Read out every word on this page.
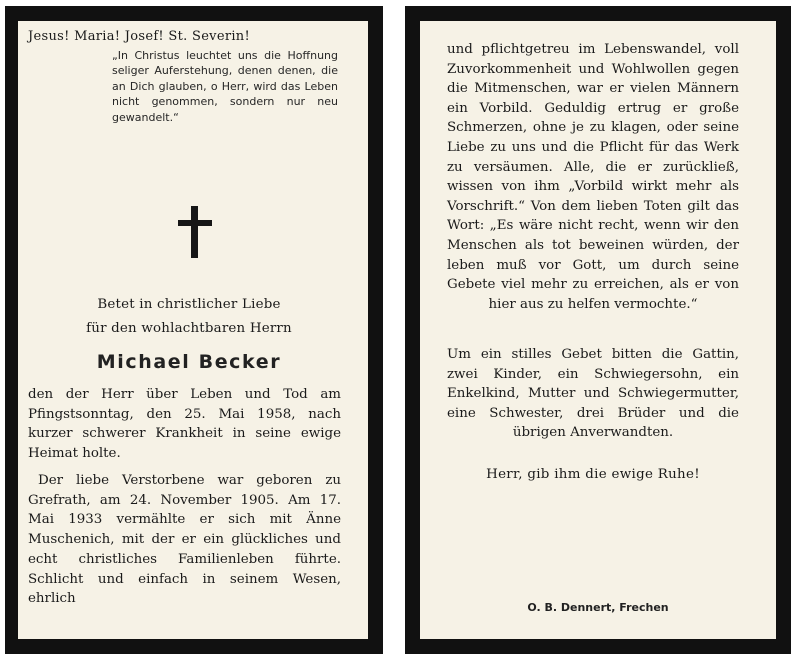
Jesus! Maria! Josef! St. Severin!
„In Christus leuchtet uns die Hoffnung seliger Auferstehung, denen denen, die an Dich glauben, o Herr, wird das Leben nicht genommen, sondern nur neu gewandelt.“
Betet in christlicher Liebe
für den wohlachtbaren Herrn
Michael Becker
den der Herr über Leben und Tod am Pfingstsonntag, den 25. Mai 1958, nach kurzer schwerer Krankheit in seine ewige Heimat holte.
Der liebe Verstorbene war geboren zu Grefrath, am 24. November 1905. Am 17. Mai 1933 vermählte er sich mit Änne Muschenich, mit der er ein glückliches und echt christliches Familienleben führte. Schlicht und einfach in seinem Wesen, ehrlich
und pflichtgetreu im Lebenswandel, voll Zuvorkommenheit und Wohlwollen gegen die Mitmenschen, war er vielen Männern ein Vorbild. Geduldig ertrug er große Schmerzen, ohne je zu klagen, oder seine Liebe zu uns und die Pflicht für das Werk zu versäumen. Alle, die er zurückließ, wissen von ihm „Vorbild wirkt mehr als Vorschrift.“ Von dem lieben Toten gilt das Wort: „Es wäre nicht recht, wenn wir den Menschen als tot beweinen würden, der leben muß vor Gott, um durch seine Gebete viel mehr zu erreichen, als er von hier aus zu helfen vermochte.“
Um ein stilles Gebet bitten die Gattin, zwei Kinder, ein Schwiegersohn, ein Enkelkind, Mutter und Schwiegermutter, eine Schwester, drei Brüder und die übrigen Anverwandten.
Herr, gib ihm die ewige Ruhe!
O. B. Dennert, Frechen
